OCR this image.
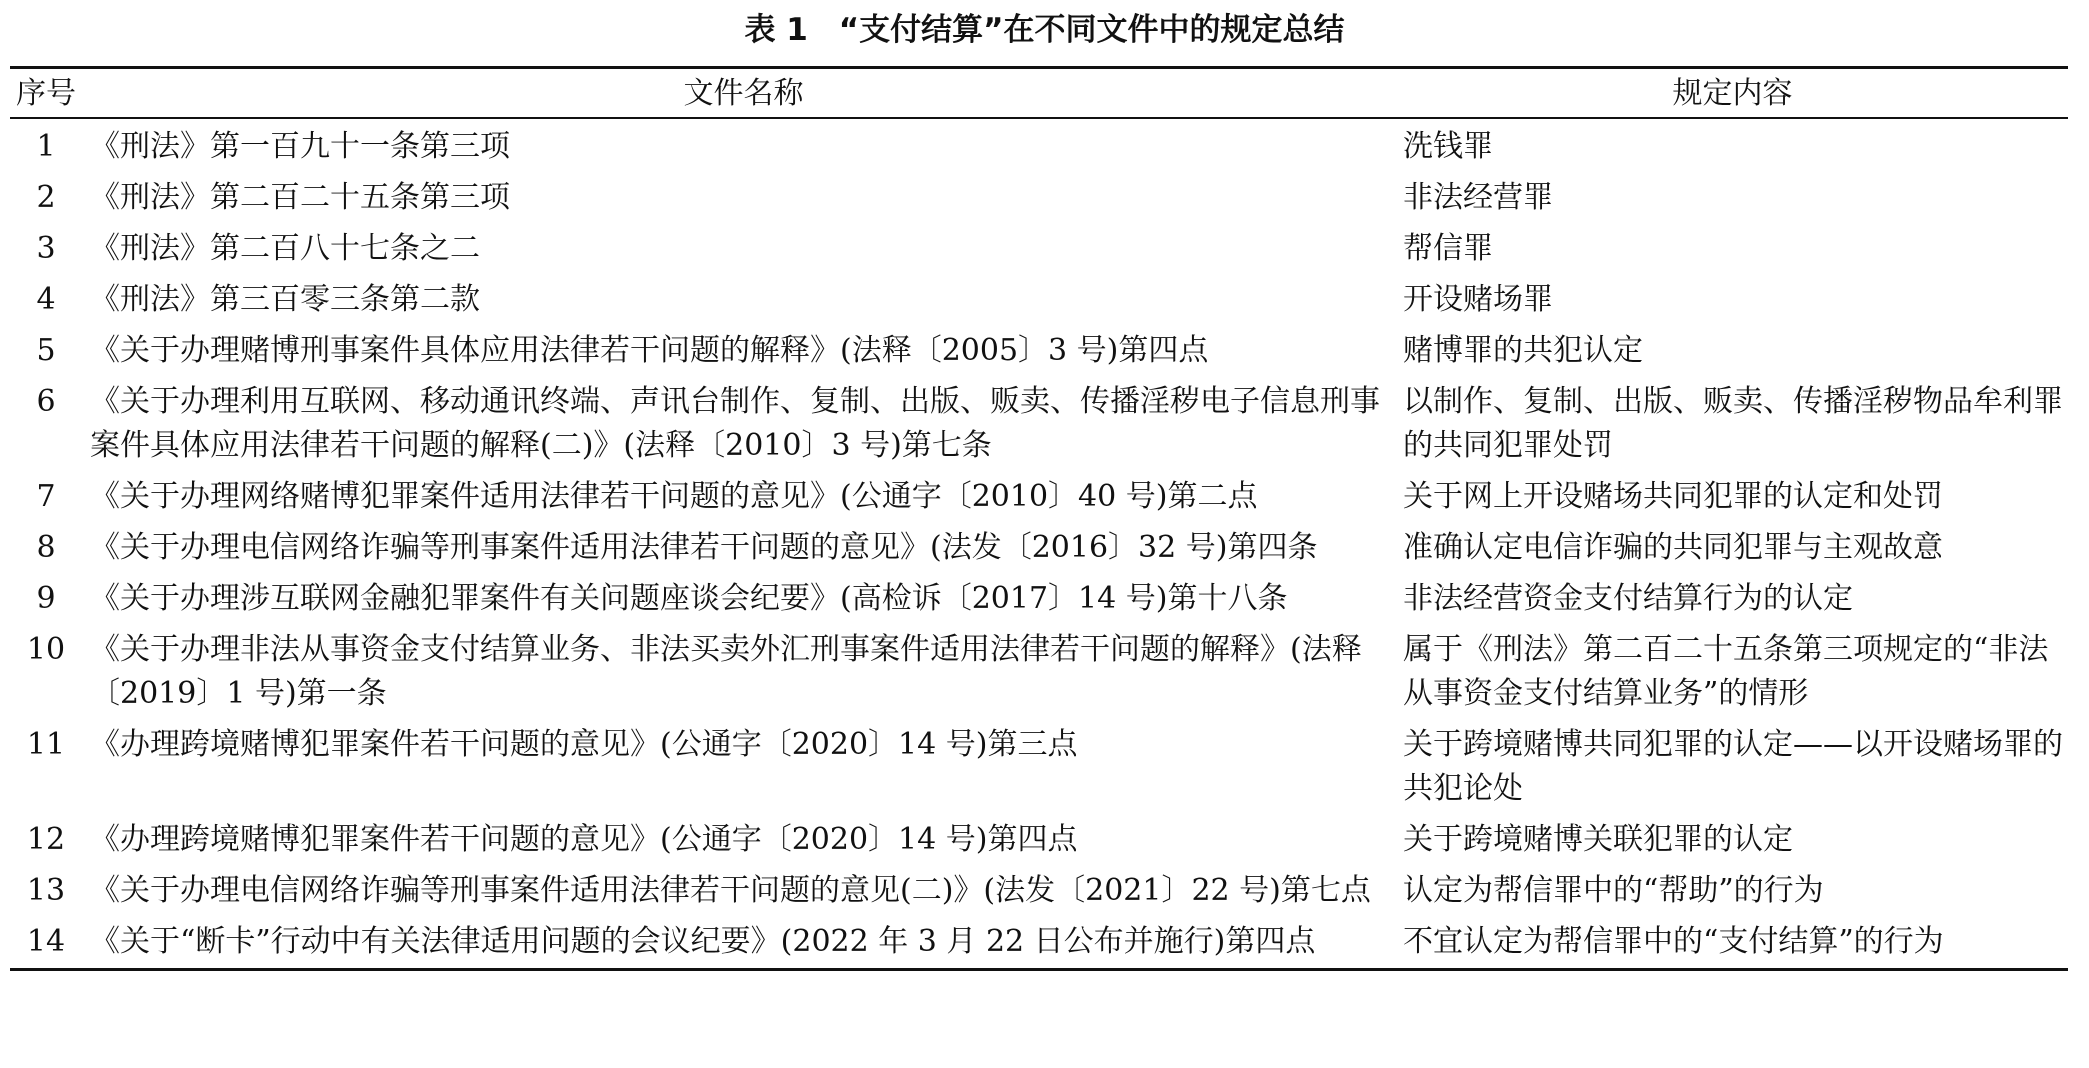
表 1　“支付结算”在不同文件中的规定总结
序号	文件名称	规定内容
1	《刑法》第一百九十一条第三项	洗钱罪
2	《刑法》第二百二十五条第三项	非法经营罪
3	《刑法》第二百八十七条之二	帮信罪
4	《刑法》第三百零三条第二款	开设赌场罪
5	《关于办理赌博刑事案件具体应用法律若干问题的解释》(法释〔2005〕3 号)第四点	赌博罪的共犯认定
6	《关于办理利用互联网、移动通讯终端、声讯台制作、复制、出版、贩卖、传播淫秽电子信息刑事案件具体应用法律若干问题的解释(二)》(法释〔2010〕3 号)第七条	以制作、复制、出版、贩卖、传播淫秽物品牟利罪的共同犯罪处罚
7	《关于办理网络赌博犯罪案件适用法律若干问题的意见》(公通字〔2010〕40 号)第二点	关于网上开设赌场共同犯罪的认定和处罚
8	《关于办理电信网络诈骗等刑事案件适用法律若干问题的意见》(法发〔2016〕32 号)第四条	准确认定电信诈骗的共同犯罪与主观故意
9	《关于办理涉互联网金融犯罪案件有关问题座谈会纪要》(高检诉〔2017〕14 号)第十八条	非法经营资金支付结算行为的认定
10	《关于办理非法从事资金支付结算业务、非法买卖外汇刑事案件适用法律若干问题的解释》(法释〔2019〕1 号)第一条	属于《刑法》第二百二十五条第三项规定的“非法从事资金支付结算业务”的情形
11	《办理跨境赌博犯罪案件若干问题的意见》(公通字〔2020〕14 号)第三点	关于跨境赌博共同犯罪的认定——以开设赌场罪的共犯论处
12	《办理跨境赌博犯罪案件若干问题的意见》(公通字〔2020〕14 号)第四点	关于跨境赌博关联犯罪的认定
13	《关于办理电信网络诈骗等刑事案件适用法律若干问题的意见(二)》(法发〔2021〕22 号)第七点	认定为帮信罪中的“帮助”的行为
14	《关于“断卡”行动中有关法律适用问题的会议纪要》(2022 年 3 月 22 日公布并施行)第四点	不宜认定为帮信罪中的“支付结算”的行为
